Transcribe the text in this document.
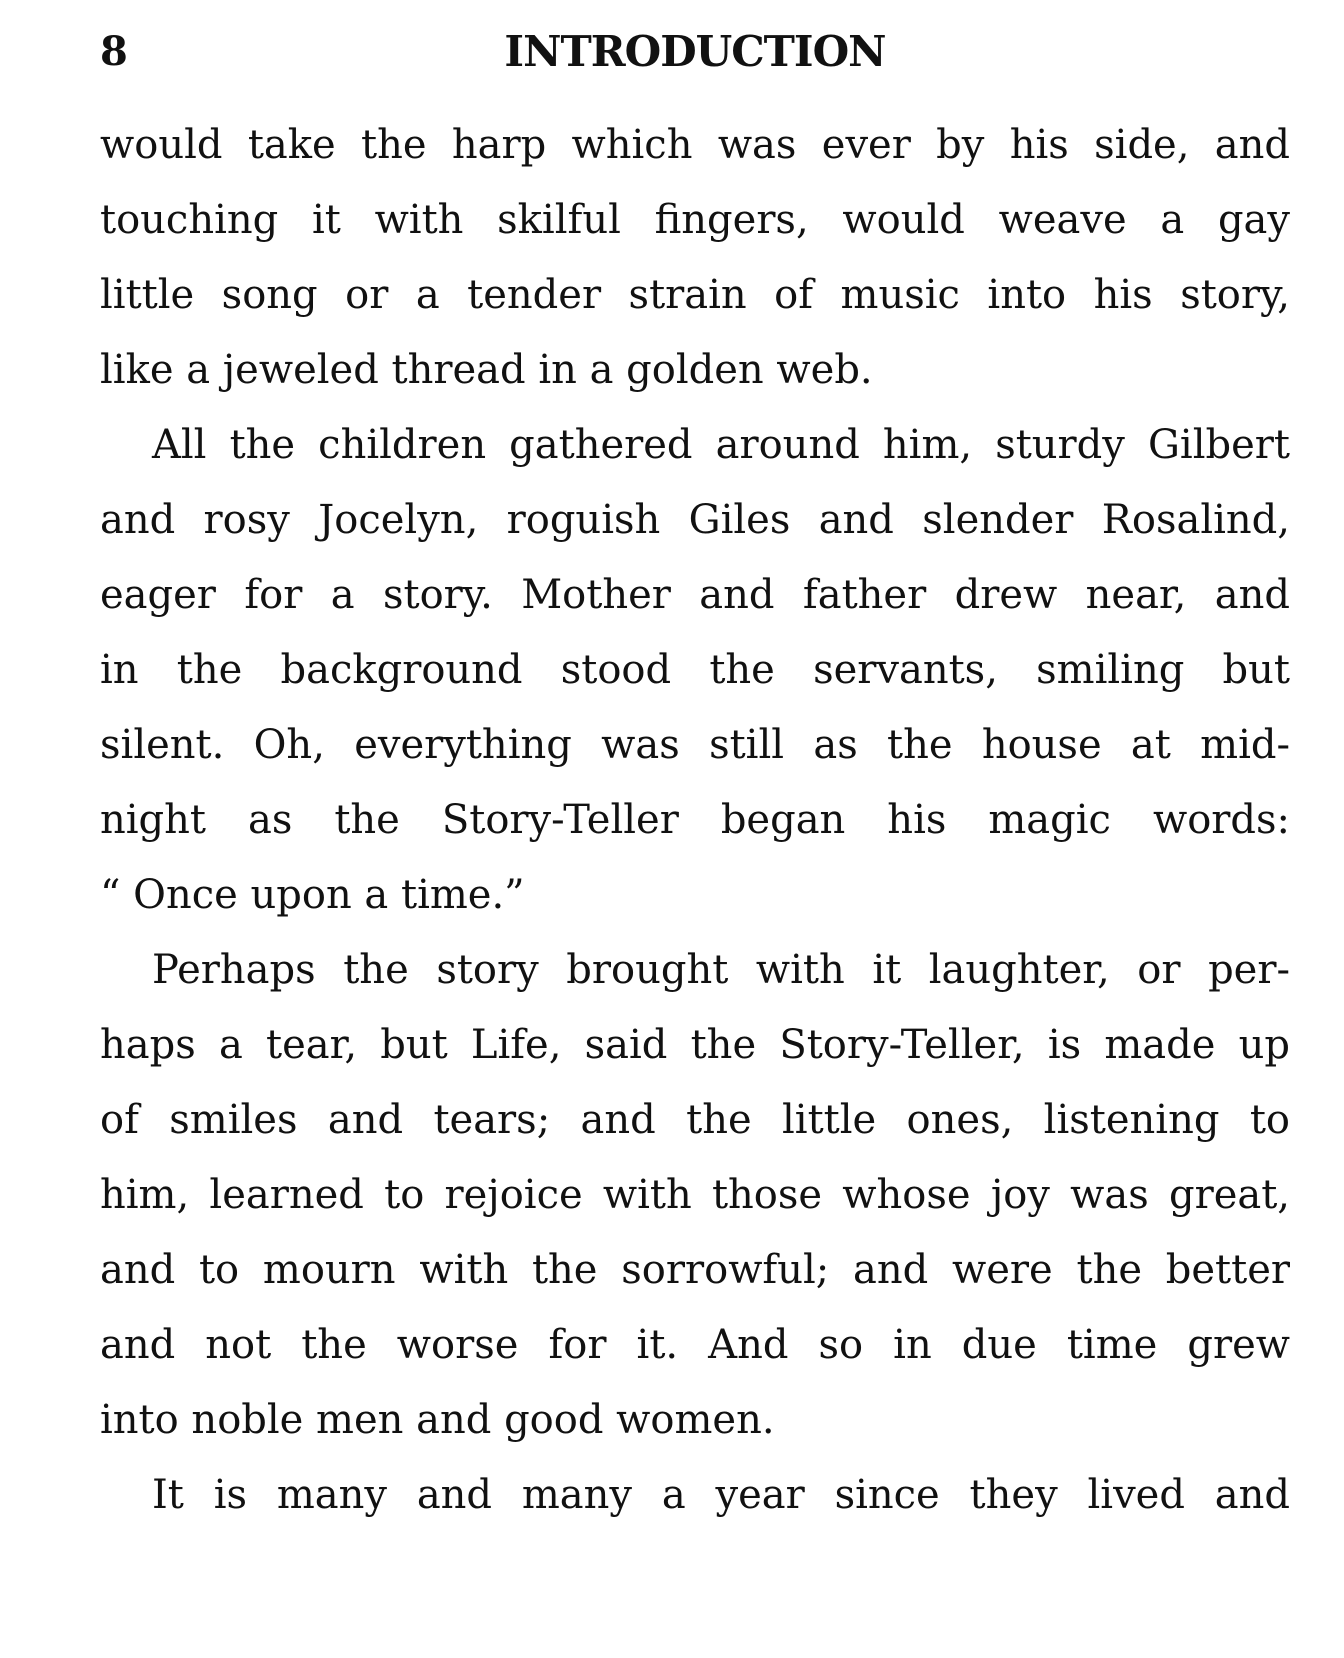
8	INTRODUCTION
would take the harp which was ever by his side, and
touching it with skilful fingers, would weave a gay
little song or a tender strain of music into his story,
like a jeweled thread in a golden web.
All the children gathered around him, sturdy Gilbert
and rosy Jocelyn, roguish Giles and slender Rosalind,
eager for a story. Mother and father drew near, and
in the background stood the servants, smiling but
silent. Oh, everything was still as the house at mid-
night as the Story-Teller began his magic words:
“ Once upon a time.”
Perhaps the story brought with it laughter, or per-
haps a tear, but Life, said the Story-Teller, is made up
of smiles and tears; and the little ones, listening to
him, learned to rejoice with those whose joy was great,
and to mourn with the sorrowful; and were the better
and not the worse for it. And so in due time grew
into noble men and good women.
It is many and many a year since they lived and
